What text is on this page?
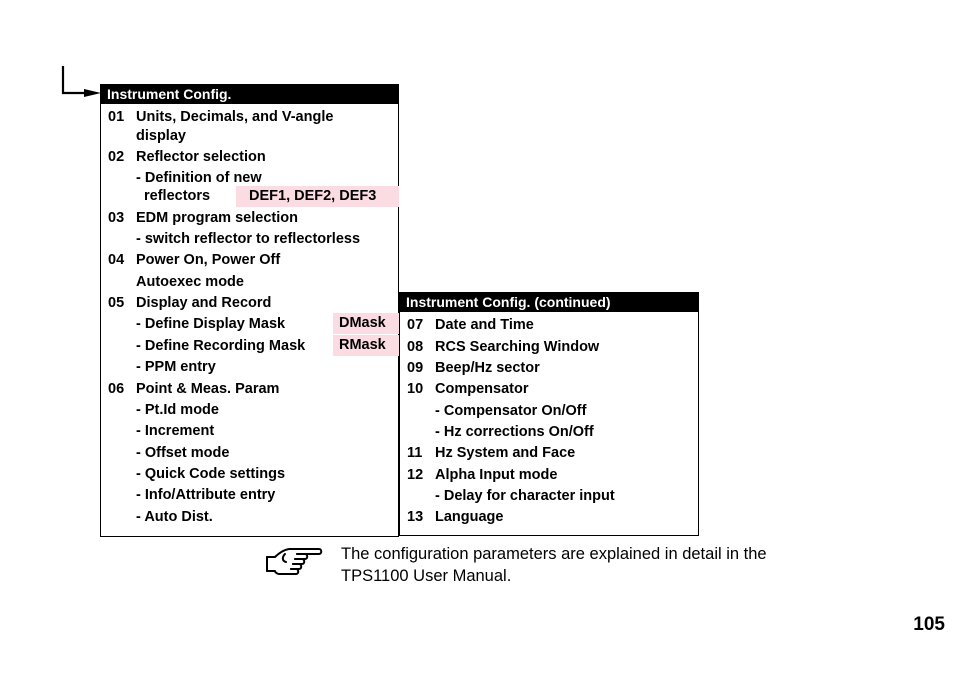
Instrument Config.
01 Units, Decimals, and V-angle
display
02 Reflector selection
- Definition of new
reflectors	DEF1, DEF2, DEF3
03 EDM program selection
- switch reflector to reflectorless
04 Power On, Power Off
Autoexec mode
05 Display and Record
- Define Display Mask	DMask
- Define Recording Mask	RMask
- PPM entry
06 Point & Meas. Param
- Pt.Id mode
- Increment
- Offset mode
- Quick Code settings
- Info/Attribute entry
- Auto Dist.
Instrument Config. (continued)
07 Date and Time
08 RCS Searching Window
09 Beep/Hz sector
10 Compensator
- Compensator On/Off
- Hz corrections On/Off
11 Hz System and Face
12 Alpha Input mode
- Delay for character input
13 Language
The configuration parameters are explained in detail in the
TPS1100 User Manual.
105
